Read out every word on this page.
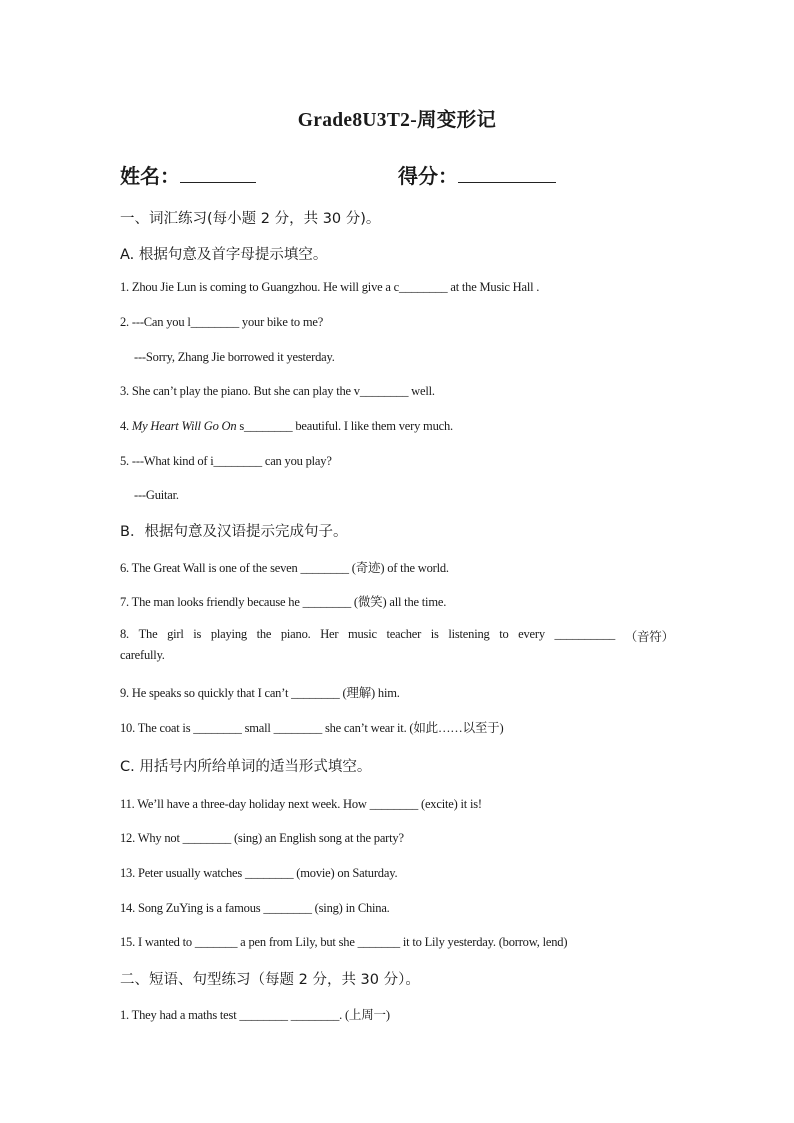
Grade8U3T2-周变形记
姓名：	得分：
一、词汇练习(每小题 2 分，共 30 分)。
A. 根据句意及首字母提示填空。
1. Zhou Jie Lun is coming to Guangzhou. He will give a c________ at the Music Hall .
2. ---Can you l________ your bike to me?
---Sorry, Zhang Jie borrowed it yesterday.
3. She can’t play the piano. But she can play the v________ well.
4. My Heart Will Go On s________ beautiful. I like them very much.
5. ---What kind of i________ can you play?
---Guitar.
B．根据句意及汉语提示完成句子。
6. The Great Wall is one of the seven ________ (奇迹) of the world.
7. The man looks friendly because he ________ (微笑) all the time.
8. The girl is playing the piano. Her music teacher is listening to every __________ （音符）
carefully.
9. He speaks so quickly that I can’t ________ (理解) him.
10. The coat is ________ small ________ she can’t wear it. (如此……以至于)
C. 用括号内所给单词的适当形式填空。
11. We’ll have a three-day holiday next week. How ________ (excite) it is!
12. Why not ________ (sing) an English song at the party?
13. Peter usually watches ________ (movie) on Saturday.
14. Song ZuYing is a famous ________ (sing) in China.
15. I wanted to _______ a pen from Lily, but she _______ it to Lily yesterday. (borrow, lend)
二、短语、句型练习（每题 2 分，共 30 分）。
1. They had a maths test ________ ________. (上周一)
